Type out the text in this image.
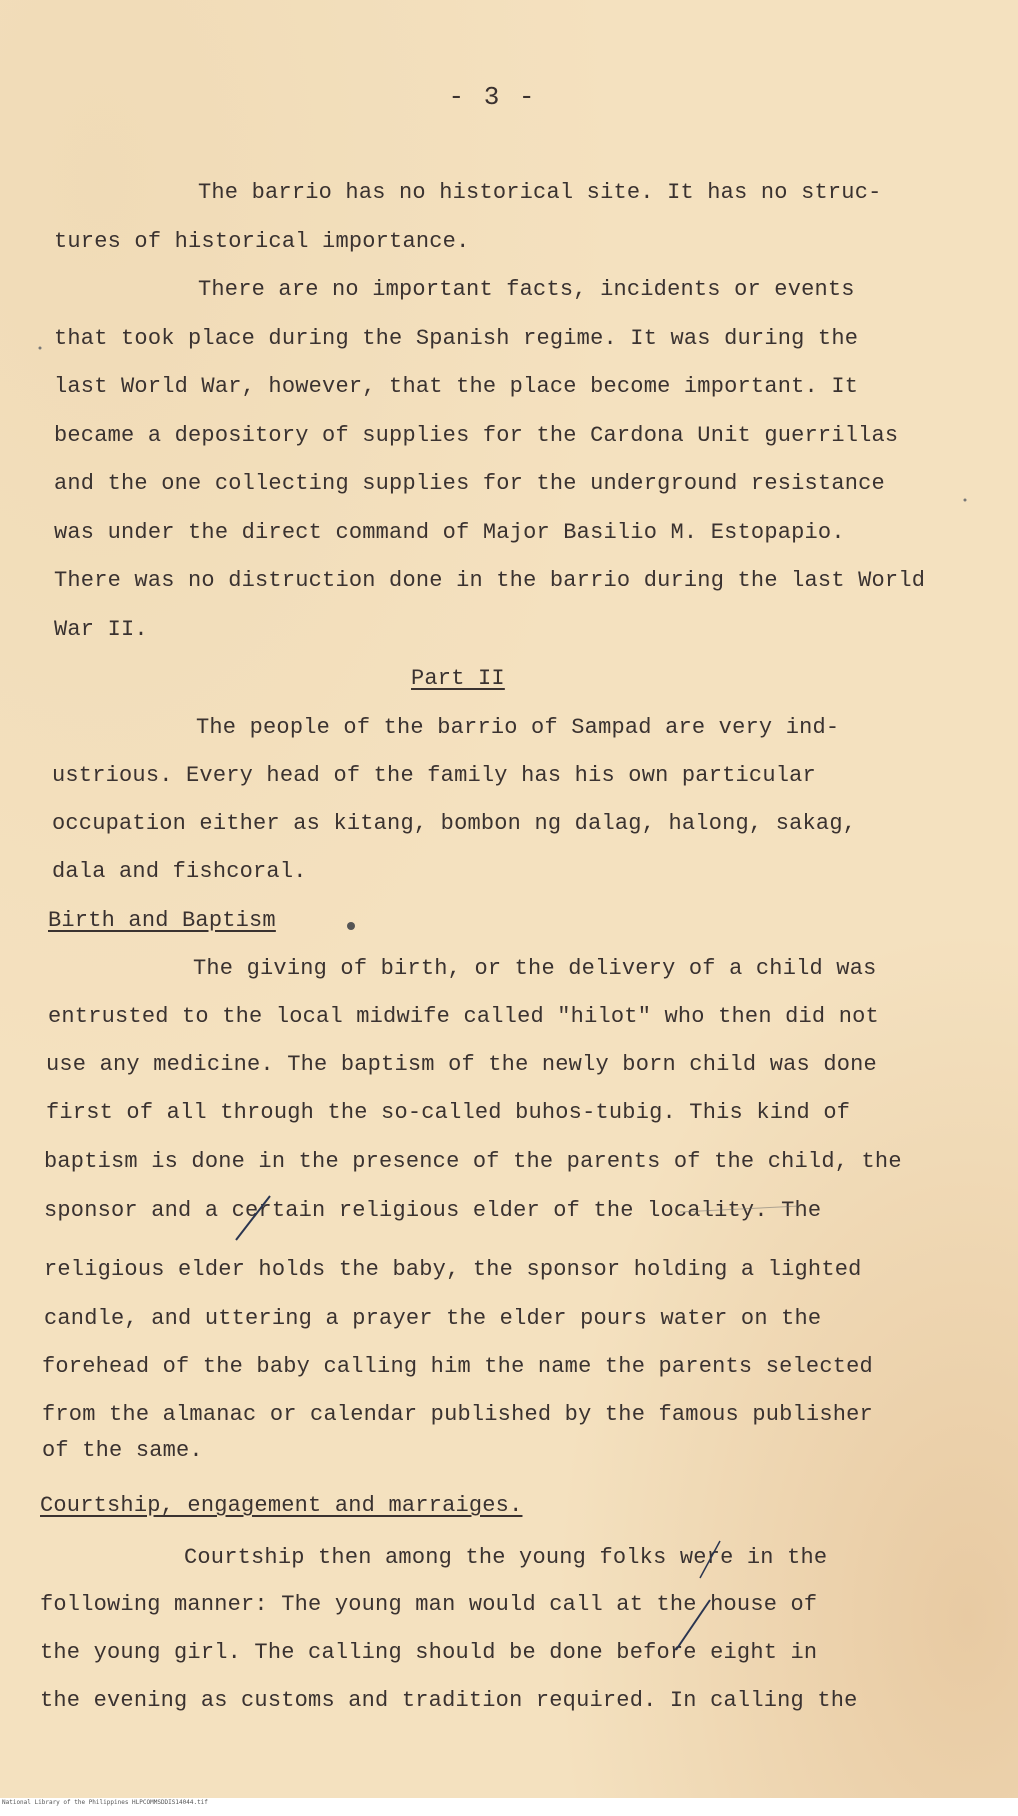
- 3 -
The barrio has no historical site. It has no struc-
tures of historical importance.
There are no important facts, incidents or events
that took place during the Spanish regime. It was during the
last World War, however, that the place become important. It
became a depository of supplies for the Cardona Unit guerrillas
and the one collecting supplies for the underground resistance
was under the direct command of Major Basilio M. Estopapio.
There was no distruction done in the barrio during the last World
War II.
Part II
The people of the barrio of Sampad are very ind-
ustrious. Every head of the family has his own particular
occupation either as kitang, bombon ng dalag, halong, sakag,
dala and fishcoral.
Birth and Baptism
The giving of birth, or the delivery of a child was
entrusted to the local midwife called "hilot" who then did not
use any medicine. The baptism of the newly born child was done
first of all through the so-called buhos-tubig. This kind of
baptism is done in the presence of the parents of the child, the
sponsor and a certain religious elder of the locality. The
religious elder holds the baby, the sponsor holding a lighted
candle, and uttering a prayer the elder pours water on the
forehead of the baby calling him the name the parents selected
from the almanac or calendar published by the famous publisher
of the same.
Courtship, engagement and marraiges.
Courtship then among the young folks were in the
following manner: The young man would call at the house of
the young girl. The calling should be done before eight in
the evening as customs and tradition required. In calling the
National Library of the Philippines HLPCOMMSDDIS14044.tif
